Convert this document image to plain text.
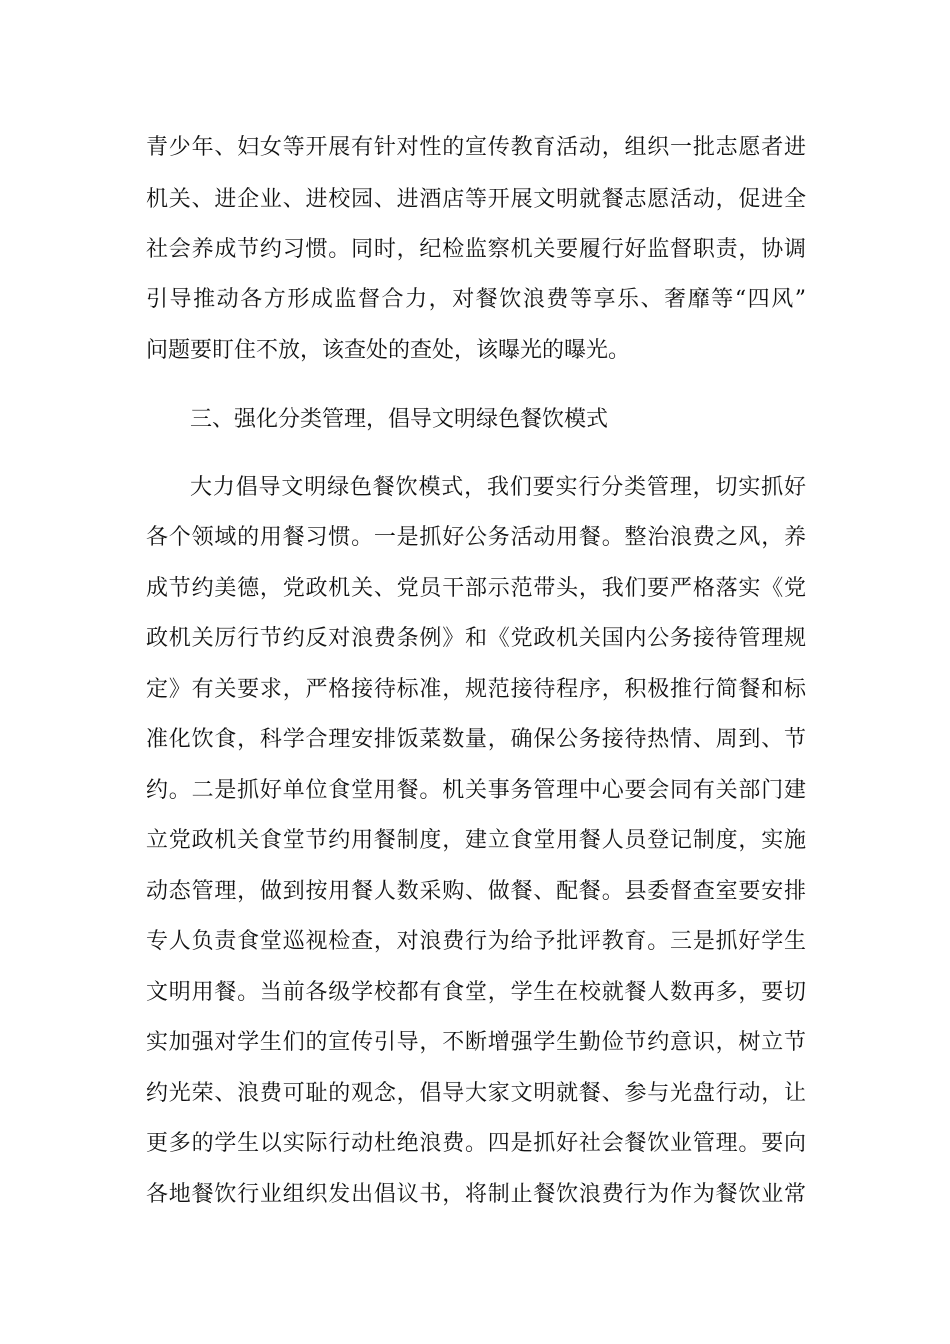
青少年、妇女等开展有针对性的宣传教育活动，组织一批志愿者进
机关、进企业、进校园、进酒店等开展文明就餐志愿活动，促进全
社会养成节约习惯。同时，纪检监察机关要履行好监督职责，协调
引导推动各方形成监督合力，对餐饮浪费等享乐、奢靡等“四风”
问题要盯住不放，该查处的查处，该曝光的曝光。
三、强化分类管理，倡导文明绿色餐饮模式
大力倡导文明绿色餐饮模式，我们要实行分类管理，切实抓好
各个领域的用餐习惯。一是抓好公务活动用餐。整治浪费之风，养
成节约美德，党政机关、党员干部示范带头，我们要严格落实《党
政机关厉行节约反对浪费条例》和《党政机关国内公务接待管理规
定》有关要求，严格接待标准，规范接待程序，积极推行简餐和标
准化饮食，科学合理安排饭菜数量，确保公务接待热情、周到、节
约。二是抓好单位食堂用餐。机关事务管理中心要会同有关部门建
立党政机关食堂节约用餐制度，建立食堂用餐人员登记制度，实施
动态管理，做到按用餐人数采购、做餐、配餐。县委督查室要安排
专人负责食堂巡视检查，对浪费行为给予批评教育。三是抓好学生
文明用餐。当前各级学校都有食堂，学生在校就餐人数再多，要切
实加强对学生们的宣传引导，不断增强学生勤俭节约意识，树立节
约光荣、浪费可耻的观念，倡导大家文明就餐、参与光盘行动，让
更多的学生以实际行动杜绝浪费。四是抓好社会餐饮业管理。要向
各地餐饮行业组织发出倡议书，将制止餐饮浪费行为作为餐饮业常
